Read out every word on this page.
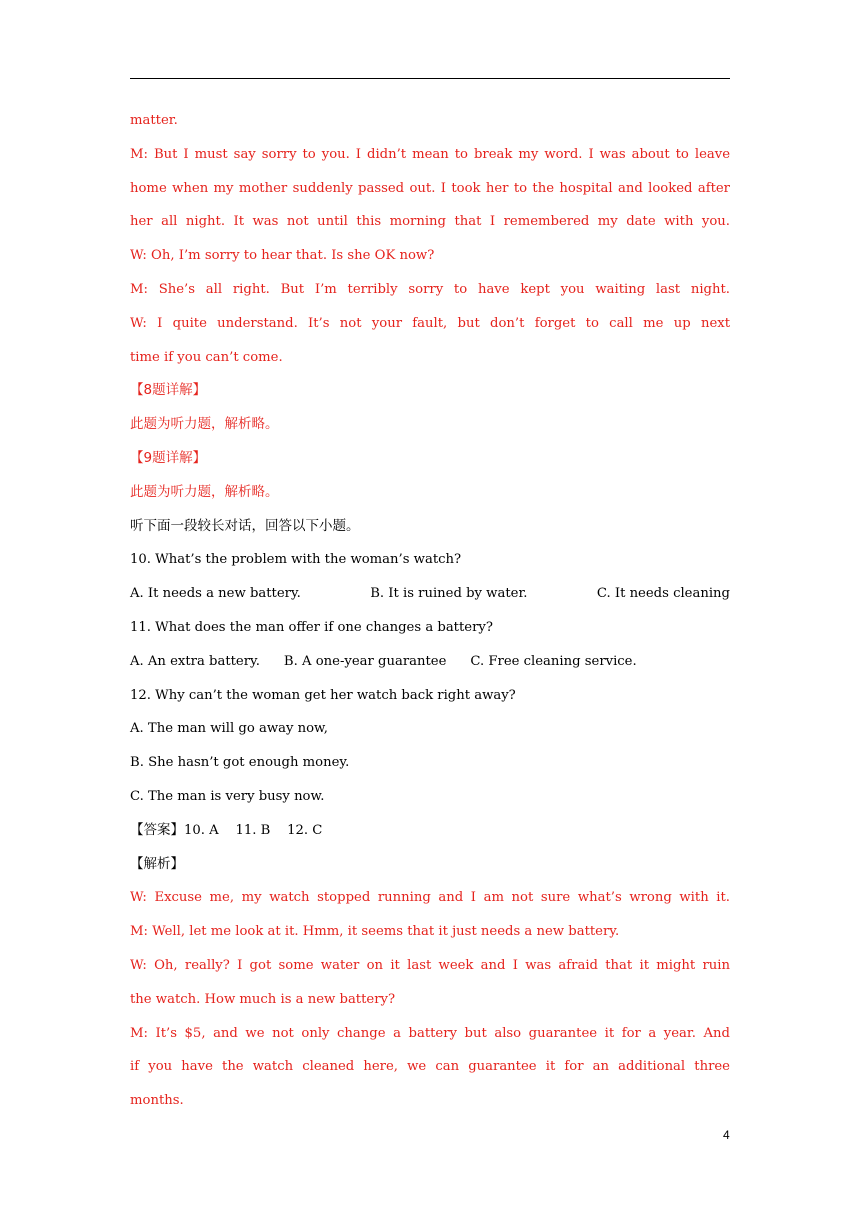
matter.
M: But I must say sorry to you. I didn’t mean to break my word. I was about to leave
home when my mother suddenly passed out. I took her to the hospital and looked after
her all night. It was not until this morning that I remembered my date with you.
W: Oh, I’m sorry to hear that. Is she OK now?
M: She’s all right. But I’m terribly sorry to have kept you waiting last night.
W: I quite understand. It’s not your fault, but don’t forget to call me up next
time if you can’t come.
【8题详解】
此题为听力题，解析略。
【9题详解】
此题为听力题，解析略。
听下面一段较长对话，回答以下小题。
10. What’s the problem with the woman’s watch?
A. It needs a new battery.	B. It is ruined by water.	C. It needs cleaning
11. What does the man offer if one changes a battery?
A. An extra battery. B. A one-year guarantee C. Free cleaning service.
12. Why can’t the woman get her watch back right away?
A. The man will go away now,
B. She hasn’t got enough money.
C. The man is very busy now.
【答案】10. A    11. B    12. C
【解析】
W: Excuse me, my watch stopped running and I am not sure what’s wrong with it.
M: Well, let me look at it. Hmm, it seems that it just needs a new battery.
W: Oh, really? I got some water on it last week and I was afraid that it might ruin
the watch. How much is a new battery?
M: It’s $5, and we not only change a battery but also guarantee it for a year. And
if you have the watch cleaned here, we can guarantee it for an additional three
months.
4
